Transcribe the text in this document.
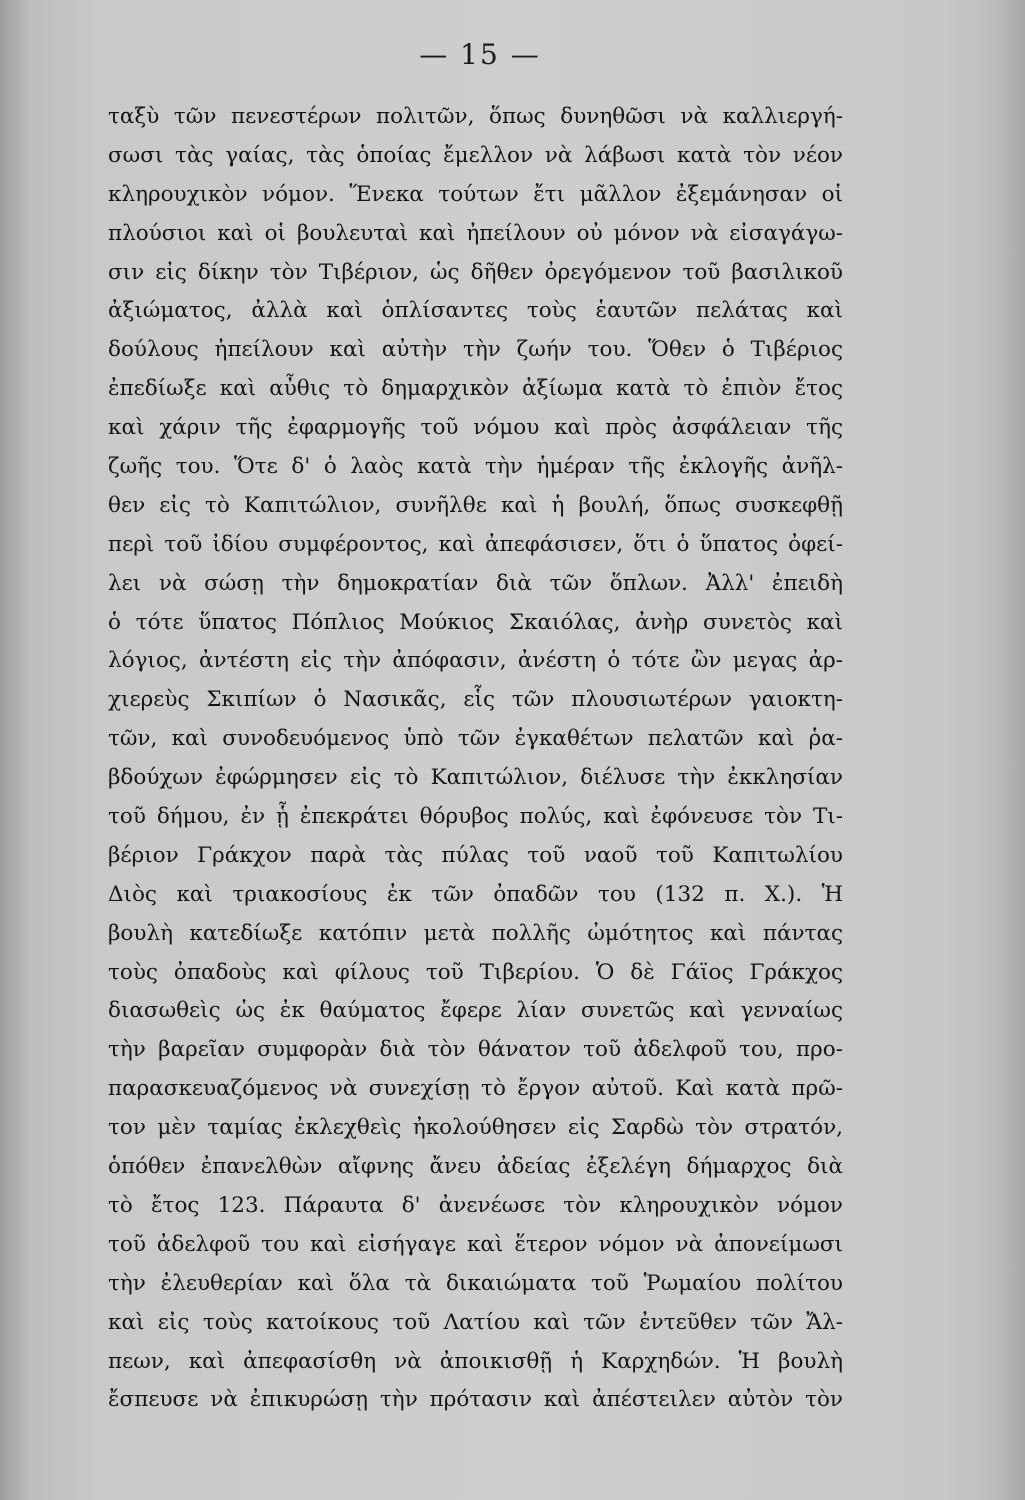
— 15 —
ταξὺ τῶν πενεστέρων πολιτῶν, ὅπως δυνηθῶσι νὰ καλλιεργή-
σωσι τὰς γαίας, τὰς ὁποίας ἔμελλον νὰ λάβωσι κατὰ τὸν νέον
κληρουχικὸν νόμον. Ἕνεκα τούτων ἔτι μᾶλλον ἐξεμάνησαν οἱ
πλούσιοι καὶ οἱ βουλευταὶ καὶ ἠπείλουν οὐ μόνον νὰ εἰσαγάγω-
σιν εἰς δίκην τὸν Τιβέριον, ὡς δῆθεν ὀρεγόμενον τοῦ βασιλικοῦ
ἀξιώματος, ἀλλὰ καὶ ὁπλίσαντες τοὺς ἑαυτῶν πελάτας καὶ
δούλους ἠπείλουν καὶ αὐτὴν τὴν ζωήν του. Ὅθεν ὁ Τιβέριος
ἐπεδίωξε καὶ αὖθις τὸ δημαρχικὸν ἀξίωμα κατὰ τὸ ἐπιὸν ἔτος
καὶ χάριν τῆς ἐφαρμογῆς τοῦ νόμου καὶ πρὸς ἀσφάλειαν τῆς
ζωῆς του. Ὅτε δ' ὁ λαὸς κατὰ τὴν ἡμέραν τῆς ἐκλογῆς ἀνῆλ-
θεν εἰς τὸ Καπιτώλιον, συνῆλθε καὶ ἡ βουλή, ὅπως συσκεφθῇ
περὶ τοῦ ἰδίου συμφέροντος, καὶ ἀπεφάσισεν, ὅτι ὁ ὕπατος ὀφεί-
λει νὰ σώσῃ τὴν δημοκρατίαν διὰ τῶν ὅπλων. Ἀλλ' ἐπειδὴ
ὁ τότε ὕπατος Πόπλιος Μούκιος Σκαιόλας, ἀνὴρ συνετὸς καὶ
λόγιος, ἀντέστη εἰς τὴν ἀπόφασιν, ἀνέστη ὁ τότε ὢν μεγας ἀρ-
χιερεὺς Σκιπίων ὁ Νασικᾶς, εἷς τῶν πλουσιωτέρων γαιοκτη-
τῶν, καὶ συνοδευόμενος ὑπὸ τῶν ἐγκαθέτων πελατῶν καὶ ῥα-
βδούχων ἐφώρμησεν εἰς τὸ Καπιτώλιον, διέλυσε τὴν ἐκκλησίαν
τοῦ δήμου, ἐν ᾗ ἐπεκράτει θόρυβος πολύς, καὶ ἐφόνευσε τὸν Τι-
βέριον Γράκχον παρὰ τὰς πύλας τοῦ ναοῦ τοῦ Καπιτωλίου
Διὸς καὶ τριακοσίους ἐκ τῶν ὀπαδῶν του (132 π. Χ.). Ἡ
βουλὴ κατεδίωξε κατόπιν μετὰ πολλῆς ὠμότητος καὶ πάντας
τοὺς ὀπαδοὺς καὶ φίλους τοῦ Τιβερίου. Ὁ δὲ Γάϊος Γράκχος
διασωθεὶς ὡς ἐκ θαύματος ἔφερε λίαν συνετῶς καὶ γενναίως
τὴν βαρεῖαν συμφορὰν διὰ τὸν θάνατον τοῦ ἀδελφοῦ του, προ-
παρασκευαζόμενος νὰ συνεχίσῃ τὸ ἔργον αὐτοῦ. Καὶ κατὰ πρῶ-
τον μὲν ταμίας ἐκλεχθεὶς ἠκολούθησεν εἰς Σαρδὼ τὸν στρατόν,
ὁπόθεν ἐπανελθὼν αἴφνης ἄνευ ἀδείας ἐξελέγη δήμαρχος διὰ
τὸ ἔτος 123. Πάραυτα δ' ἀνενέωσε τὸν κληρουχικὸν νόμον
τοῦ ἀδελφοῦ του καὶ εἰσήγαγε καὶ ἕτερον νόμον νὰ ἀπονείμωσι
τὴν ἐλευθερίαν καὶ ὅλα τὰ δικαιώματα τοῦ Ῥωμαίου πολίτου
καὶ εἰς τοὺς κατοίκους τοῦ Λατίου καὶ τῶν ἐντεῦθεν τῶν Ἄλ-
πεων, καὶ ἀπεφασίσθη νὰ ἀποικισθῇ ἡ Καρχηδών. Ἡ βουλὴ
ἔσπευσε νὰ ἐπικυρώσῃ τὴν πρότασιν καὶ ἀπέστειλεν αὐτὸν τὸν
